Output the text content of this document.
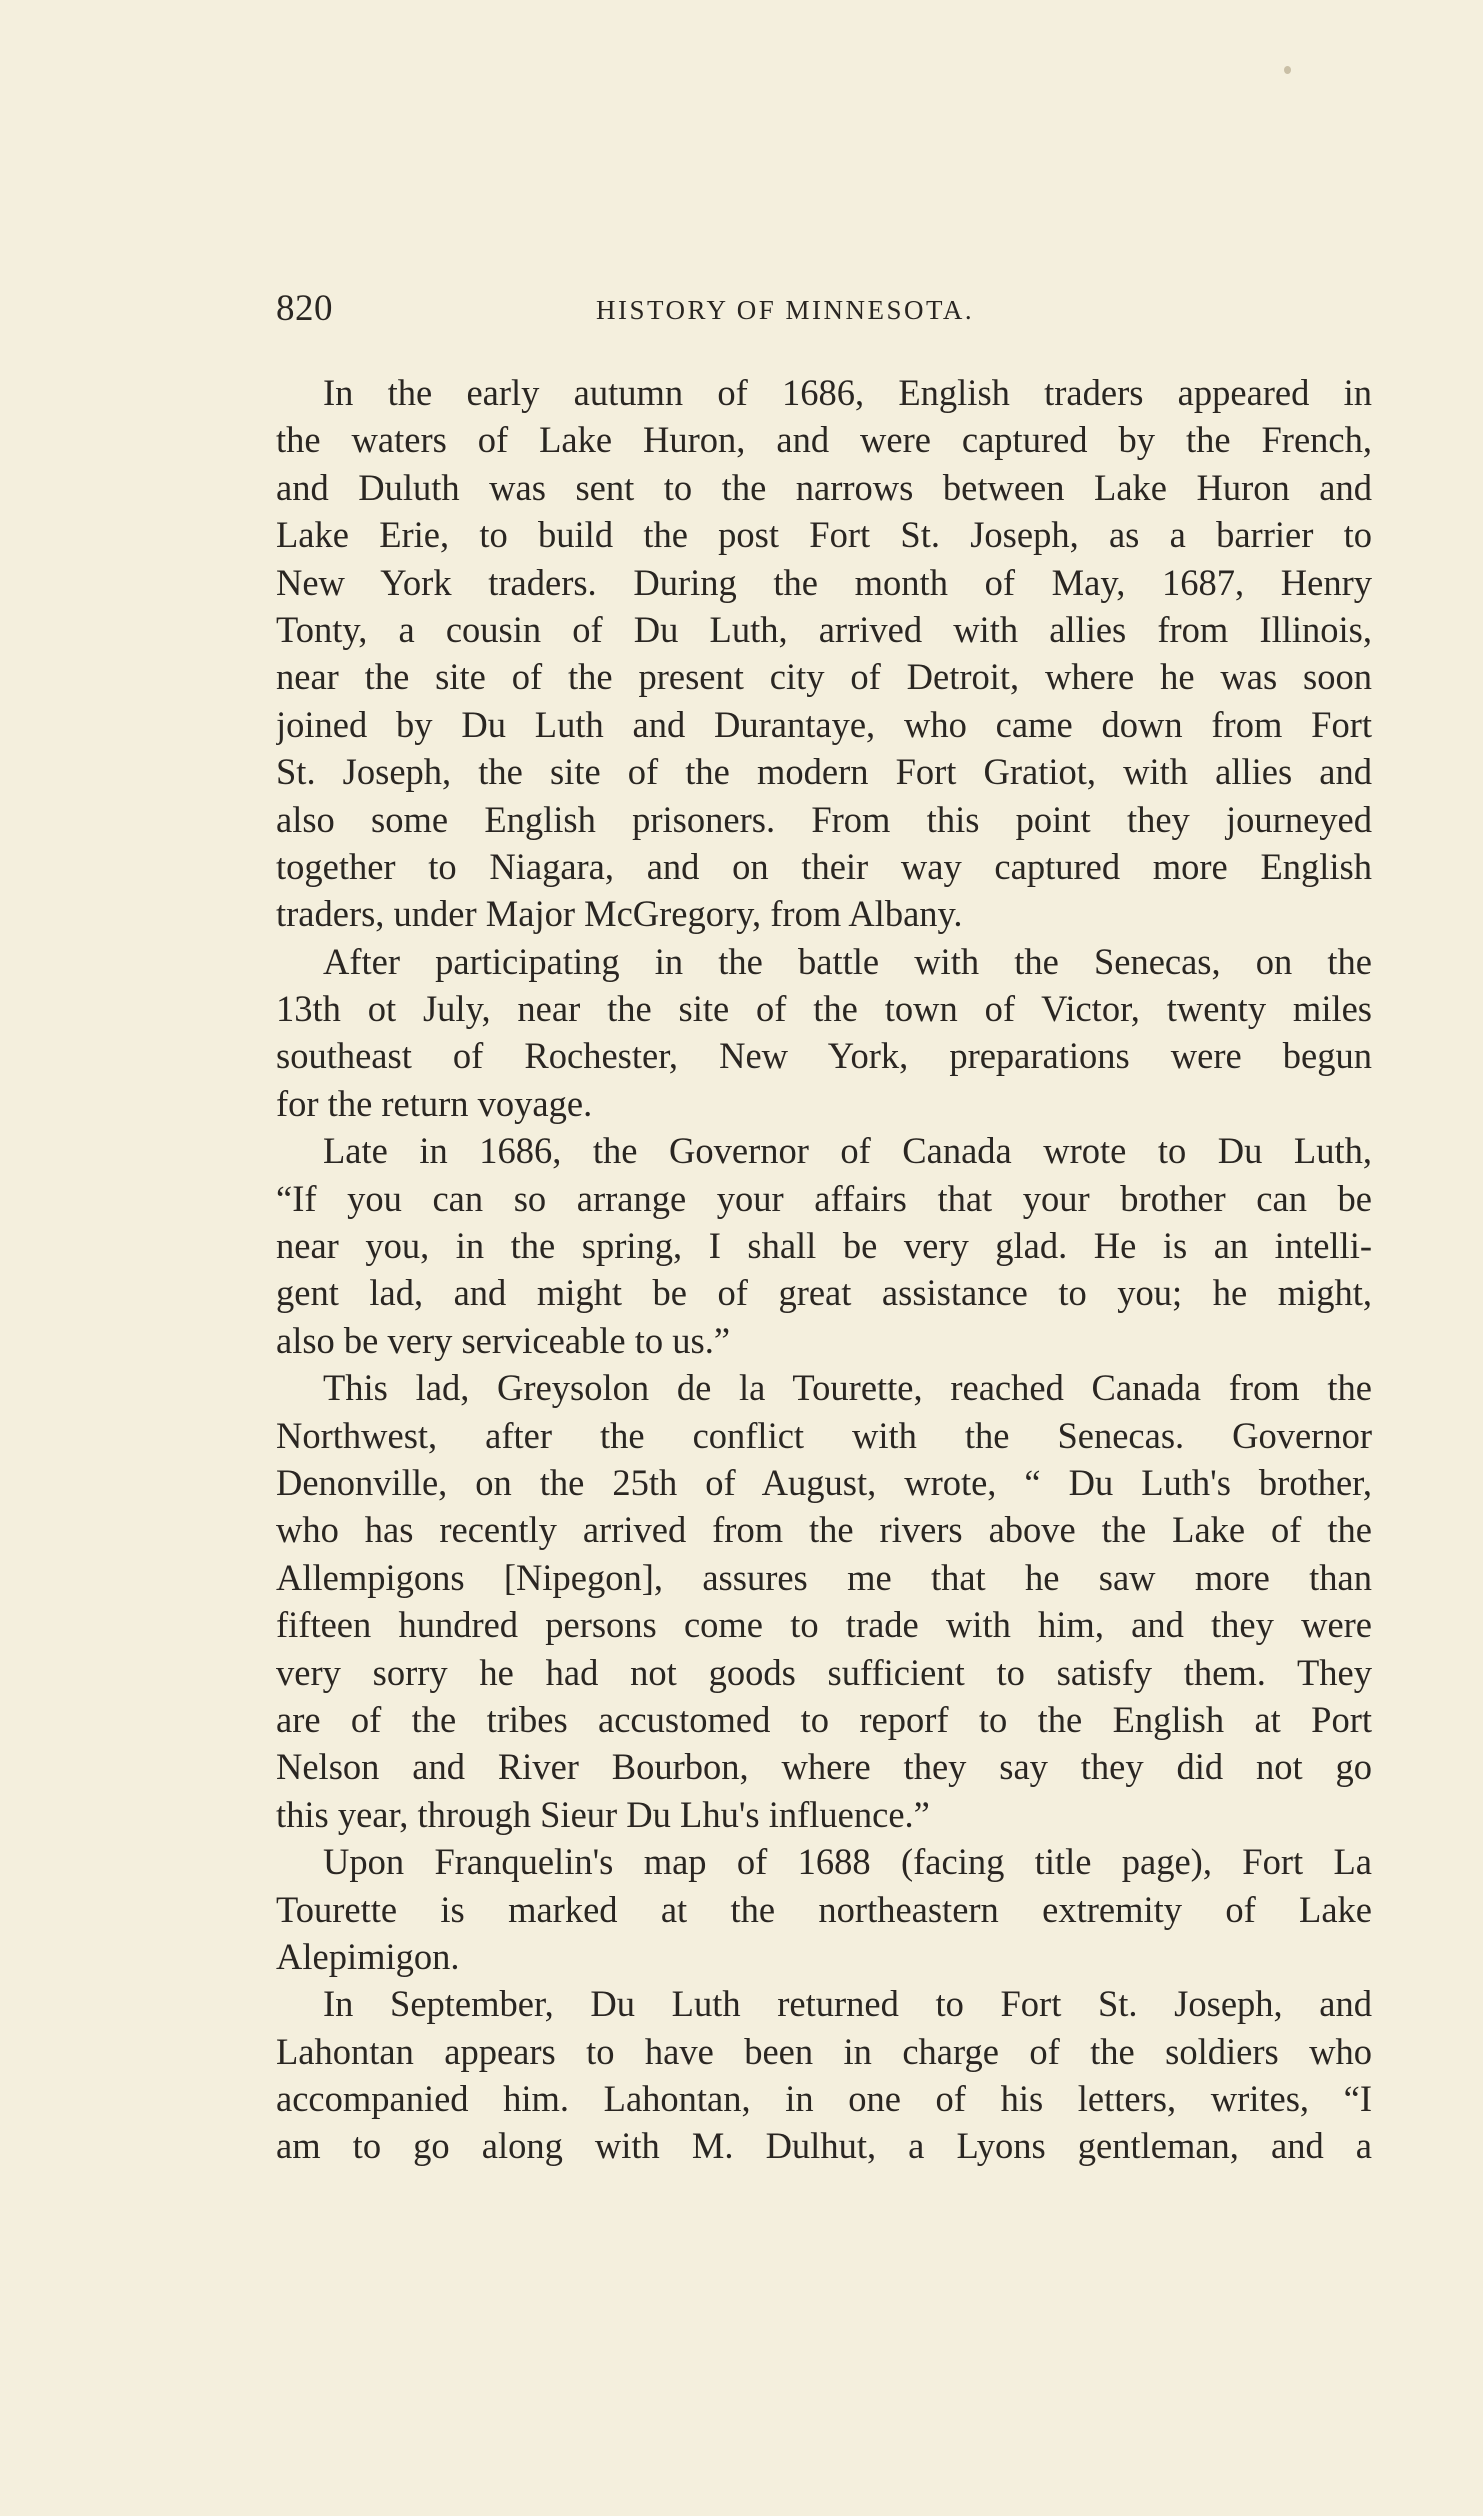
820	HISTORY OF MINNESOTA.
In the early autumn of 1686, English traders appeared in
the waters of Lake Huron, and were captured by the French,
and Duluth was sent to the narrows between Lake Huron and
Lake Erie, to build the post Fort St. Joseph, as a barrier to
New York traders. During the month of May, 1687, Henry
Tonty, a cousin of Du Luth, arrived with allies from Illinois,
near the site of the present city of Detroit, where he was soon
joined by Du Luth and Durantaye, who came down from Fort
St. Joseph, the site of the modern Fort Gratiot, with allies and
also some English prisoners. From this point they journeyed
together to Niagara, and on their way captured more English
traders, under Major McGregory, from Albany.
After participating in the battle with the Senecas, on the
13th ot July, near the site of the town of Victor, twenty miles
southeast of Rochester, New York, preparations were begun
for the return voyage.
Late in 1686, the Governor of Canada wrote to Du Luth,
“If you can so arrange your affairs that your brother can be
near you, in the spring, I shall be very glad. He is an intelli-
gent lad, and might be of great assistance to you; he might,
also be very serviceable to us.”
This lad, Greysolon de la Tourette, reached Canada from the
Northwest, after the conflict with the Senecas. Governor
Denonville, on the 25th of August, wrote, “ Du Luth's brother,
who has recently arrived from the rivers above the Lake of the
Allempigons [Nipegon], assures me that he saw more than
fifteen hundred persons come to trade with him, and they were
very sorry he had not goods sufficient to satisfy them. They
are of the tribes accustomed to reporf to the English at Port
Nelson and River Bourbon, where they say they did not go
this year, through Sieur Du Lhu's influence.”
Upon Franquelin's map of 1688 (facing title page), Fort La
Tourette is marked at the northeastern extremity of Lake
Alepimigon.
In September, Du Luth returned to Fort St. Joseph, and
Lahontan appears to have been in charge of the soldiers who
accompanied him. Lahontan, in one of his letters, writes, “I
am to go along with M. Dulhut, a Lyons gentleman, and a
